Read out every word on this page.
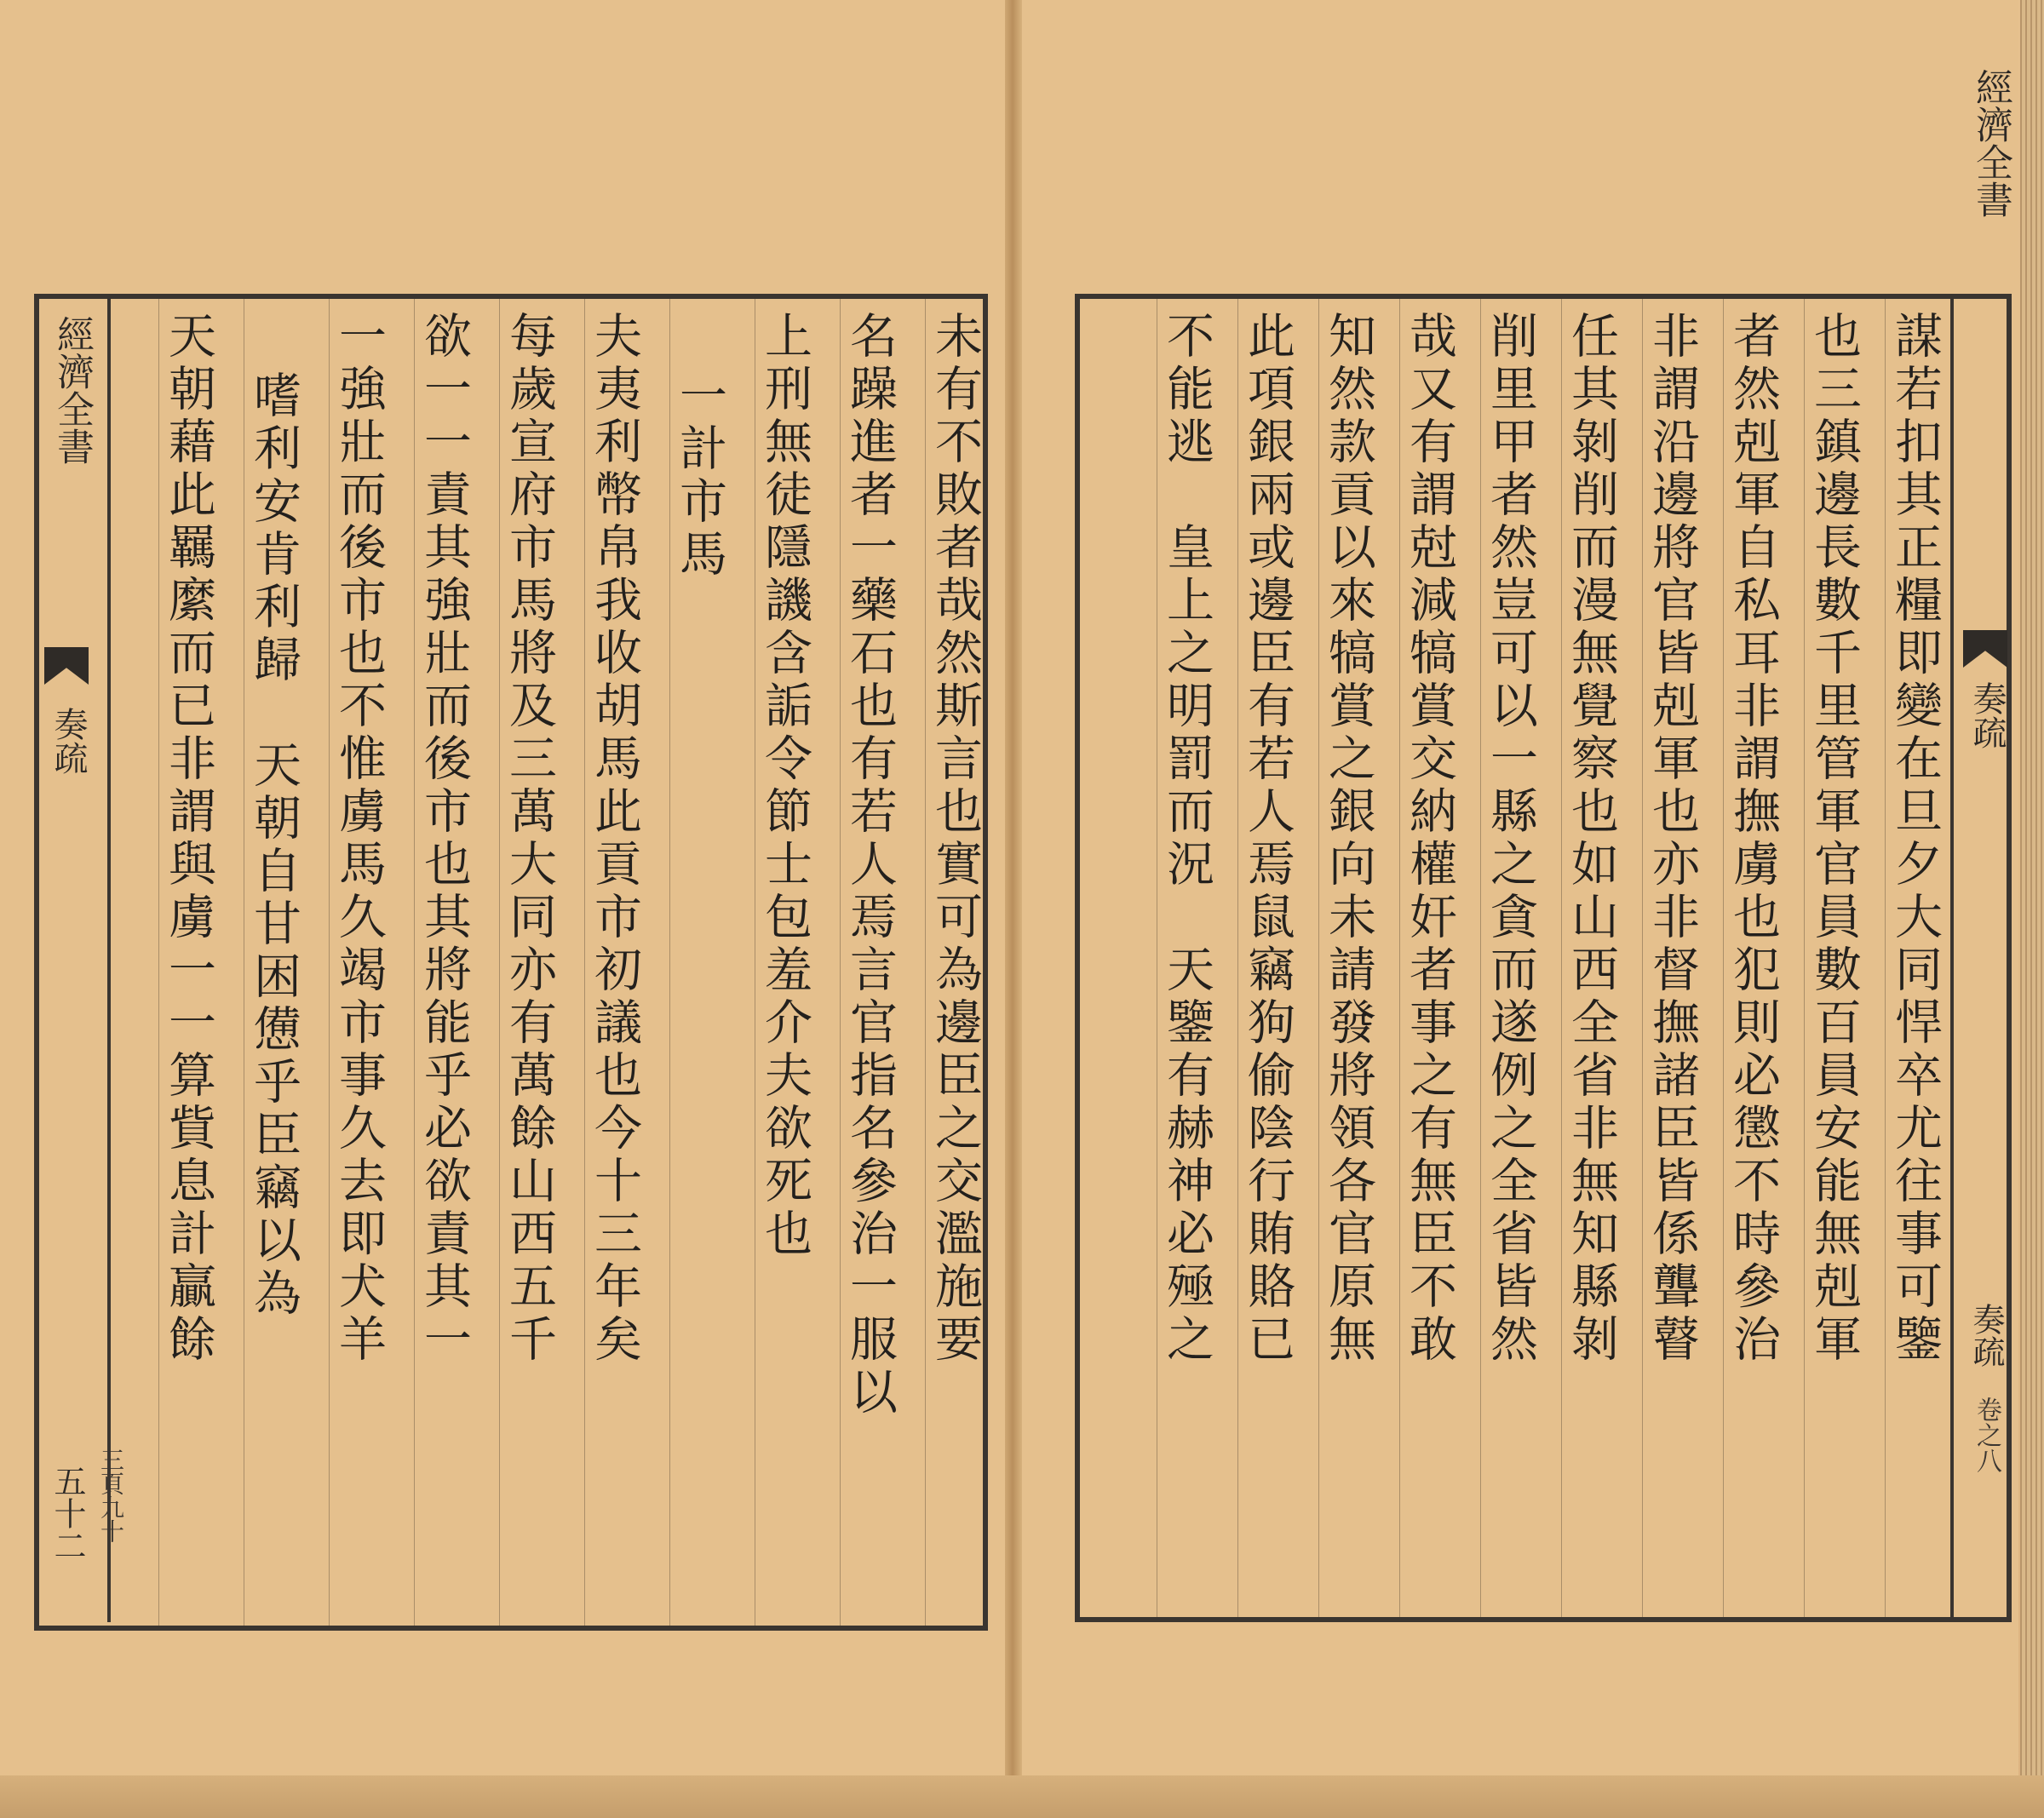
未有不敗者哉然斯言也實可為邊臣之交濫施要
名躁進者一藥石也有若人焉言官指名參治一服以
上刑無徒隱譏含詬令節士包羞介夫欲死也
一計市馬
夫夷利幣帛我收胡馬此貢市初議也今十三年矣
每歲宣府市馬將及三萬大同亦有萬餘山西五千
欲一一責其強壯而後市也其將能乎必欲責其一
一強壯而後市也不惟虜馬久竭市事久去即犬羊
嗜利安肯利歸　天朝自甘困憊乎臣竊以為
天朝藉此羈縻而已非謂與虜一一算貲息計贏餘
經濟全書
奏疏
五十二 三頁九十
謀若扣其正糧即變在旦夕大同悍卒尤往事可鑒
也三鎮邊長數千里管軍官員數百員安能無剋軍
者然剋軍自私耳非謂撫虜也犯則必懲不時參治
非謂沿邊將官皆剋軍也亦非督撫諸臣皆係聾瞽
任其剝削而漫無覺察也如山西全省非無知縣剝
削里甲者然豈可以一縣之貪而遂例之全省皆然
哉又有謂尅減犒賞交納權奸者事之有無臣不敢
知然款貢以來犒賞之銀向未請發將領各官原無
此項銀兩或邊臣有若人焉鼠竊狗偷陰行賄賂已
不能逃　皇上之明罰而況　天鑒有赫神必殛之
經濟全書
奏疏
奏疏
卷之八
